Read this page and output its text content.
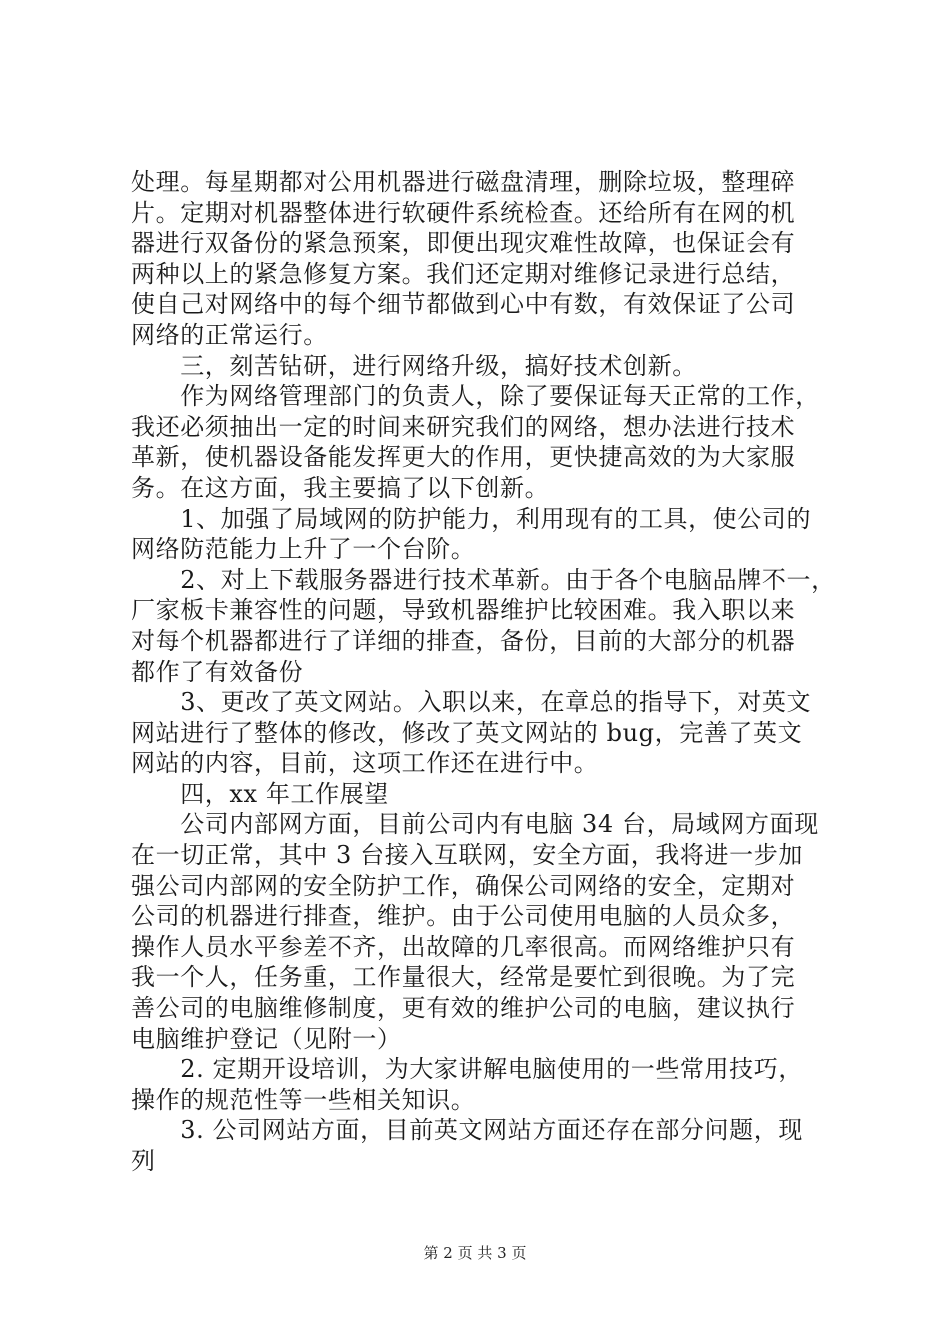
处理。每星期都对公用机器进行磁盘清理，删除垃圾，整理碎
片。定期对机器整体进行软硬件系统检查。还给所有在网的机
器进行双备份的紧急预案，即便出现灾难性故障，也保证会有
两种以上的紧急修复方案。我们还定期对维修记录进行总结，
使自己对网络中的每个细节都做到心中有数，有效保证了公司
网络的正常运行。
　　三，刻苦钻研，进行网络升级，搞好技术创新。
　　作为网络管理部门的负责人，除了要保证每天正常的工作，
我还必须抽出一定的时间来研究我们的网络，想办法进行技术
革新，使机器设备能发挥更大的作用，更快捷高效的为大家服
务。在这方面，我主要搞了以下创新。
　　1、加强了局域网的防护能力，利用现有的工具，使公司的
网络防范能力上升了一个台阶。
　　2、对上下载服务器进行技术革新。由于各个电脑品牌不一，
厂家板卡兼容性的问题，导致机器维护比较困难。我入职以来
对每个机器都进行了详细的排查，备份，目前的大部分的机器
都作了有效备份
　　3、更改了英文网站。入职以来，在章总的指导下，对英文
网站进行了整体的修改，修改了英文网站的 bug，完善了英文
网站的内容，目前，这项工作还在进行中。
　　四，xx 年工作展望
　　公司内部网方面，目前公司内有电脑 34 台，局域网方面现
在一切正常，其中 3 台接入互联网，安全方面，我将进一步加
强公司内部网的安全防护工作，确保公司网络的安全，定期对
公司的机器进行排查，维护。由于公司使用电脑的人员众多，
操作人员水平参差不齐，出故障的几率很高。而网络维护只有
我一个人，任务重，工作量很大，经常是要忙到很晚。为了完
善公司的电脑维修制度，更有效的维护公司的电脑，建议执行
电脑维护登记（见附一）
　　2. 定期开设培训，为大家讲解电脑使用的一些常用技巧，
操作的规范性等一些相关知识。
　　3. 公司网站方面，目前英文网站方面还存在部分问题，现
列
第 2 页 共 3 页
